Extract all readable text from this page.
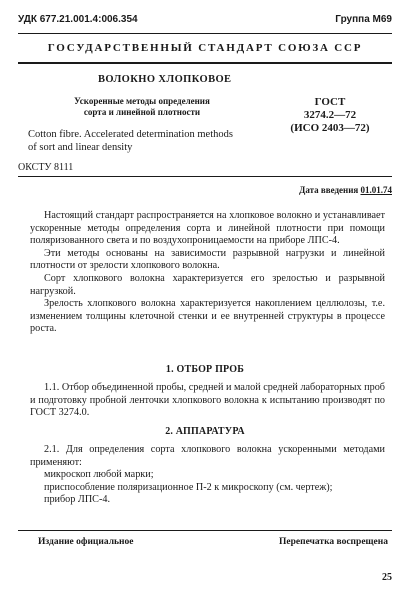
УДК 677.21.001.4:006.354	Группа М69
ГОСУДАРСТВЕННЫЙ СТАНДАРТ СОЮЗА ССР
ВОЛОКНО ХЛОПКОВОЕ
Ускоренные методы определения
сорта и линейной плотности
Cotton fibre. Accelerated determination methods
of sort and linear density
ГОСТ
3274.2—72
(ИСО 2403—72)
ОКСТУ 8111
Дата введения 01.01.74

Настоящий стандарт распространяется на хлопковое волокно и устанавливает ускоренные методы определения сорта и линейной плотности при помощи поляризованного света и по воздухопроницаемости на приборе ЛПС-4.

Эти методы основаны на зависимости разрывной нагрузки и линейной плотности от зрелости хлопкового волокна.

Сорт хлопкового волокна характеризуется его зрелостью и разрывной нагрузкой.

Зрелость хлопкового волокна характеризуется накоплением целлюлозы, т.е. изменением толщины клеточной стенки и ее внутренней структуры в процессе роста.

1. ОТБОР ПРОБ

1.1. Отбор объединенной пробы, средней и малой средней лабораторных проб и подготовку пробной ленточки хлопкового волокна к испытанию производят по ГОСТ 3274.0.

2. АППАРАТУРА

2.1. Для определения сорта хлопкового волокна ускоренными методами применяют:

микроскоп любой марки;

приспособление поляризационное П-2 к микроскопу (см. чертеж);

прибор ЛПС-4.

Издание официальное	Перепечатка воспрещена
25
